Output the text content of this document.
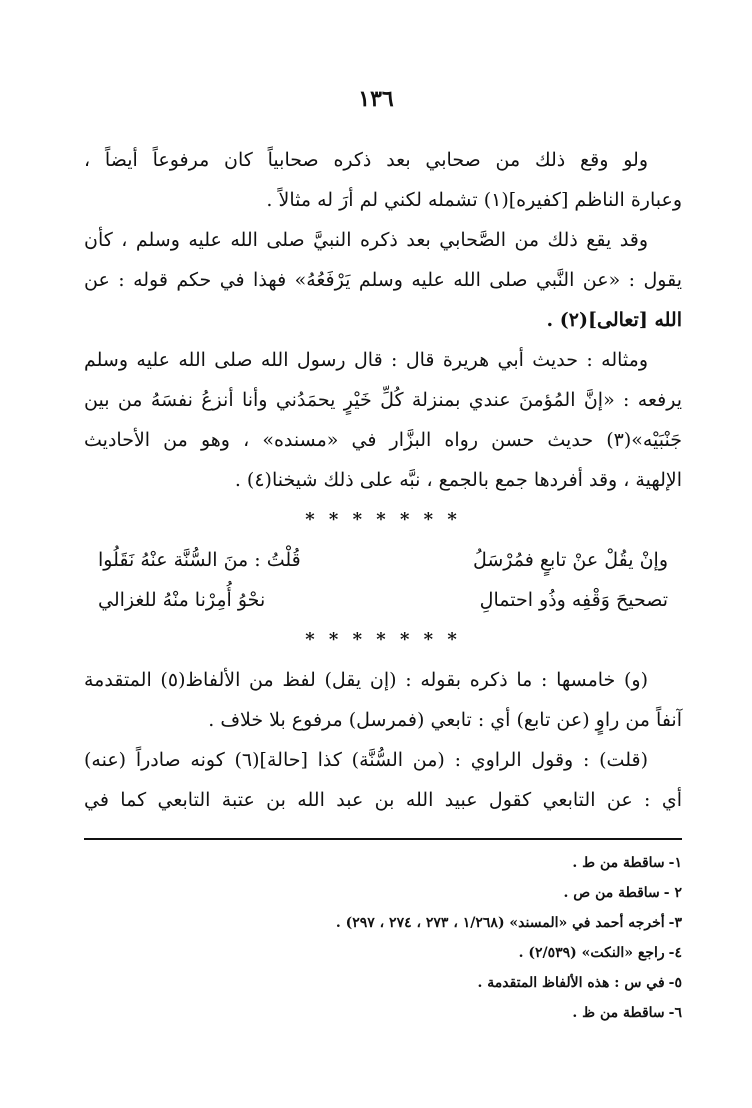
١٣٦
ولو وقع ذلك من صحابي بعد ذكره صحابياً كان مرفوعاً أيضاً ،
وعبارة الناظم [كفيره](١) تشمله لكني لم أرَ له مثالاً .
وقد يقع ذلك من الصَّحابي بعد ذكره النبيَّ صلى الله عليه وسلم ، كأن
يقول : «عن النَّبي صلى الله عليه وسلم يَرْفَعُهُ» فهذا في حكم قوله : عن
الله [تعالى](٢) .
ومثاله : حديث أبي هريرة قال : قال رسول الله صلى الله عليه وسلم
يرفعه : «إنَّ المُؤمنَ عندي بمنزلة كُلِّ خَيْرٍ يحمَدُني وأنا أنزعُ نفسَهُ من بين
جَنْبَيْه»(٣) حديث حسن رواه البزَّار في «مسنده» ، وهو من الأحاديث
الإلهية ، وقد أفردها جمع بالجمع ، نبَّه على ذلك شيخنا(٤) .
* * * * * * *
وإنْ يقُلْ عنْ تابعٍ فمُرْسَلُ
قُلْتُ : منَ السُّنَّة عنْهُ نَقَلُوا
تصحيحَ وَقْفِه وذُو احتمالِ
نحْوُ أُمِرْنا منْهُ للغزالي
* * * * * * *
(و) خامسها : ما ذكره بقوله : (إن يقل) لفظ من الألفاظ(٥) المتقدمة
آنفاً من راوٍ (عن تابع) أي : تابعي (فمرسل) مرفوع بلا خلاف .
(قلت) : وقول الراوي : (من السُّنَّة) كذا [حالة](٦) كونه صادراً (عنه)
أي : عن التابعي كقول عبيد الله بن عبد الله بن عتبة التابعي كما في
١-ساقطة من ط .
٢ -ساقطة من ص .
٣-أخرجه أحمد في «المسند» (١/٢٦٨ ، ٢٧٣ ، ٢٧٤ ، ٢٩٧) .
٤-راجع «النكت» (٢/٥٣٩) .
٥-في س : هذه الألفاظ المتقدمة .
٦-ساقطة من ظ .
